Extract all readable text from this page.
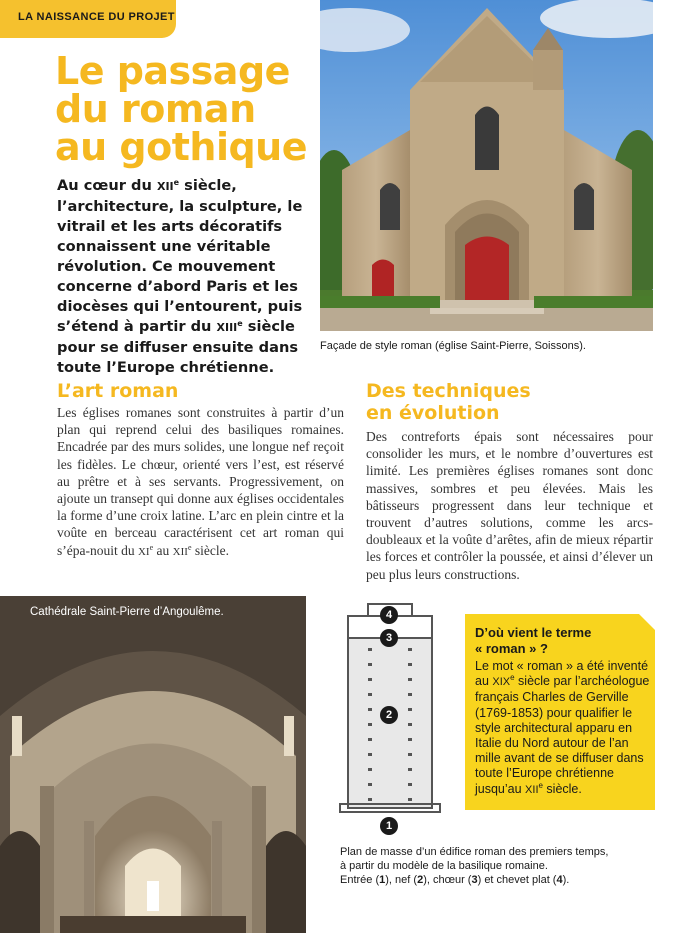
LA NAISSANCE DU PROJET
Le passage
du roman
au gothique

Au cœur du XIIe siècle, l’architecture, la sculpture, le vitrail et les arts décoratifs connaissent une véritable révolution. Ce mouvement concerne d’abord Paris et les diocèses qui l’entourent, puis s’étend à partir du XIIIe siècle pour se diffuser ensuite dans toute l’Europe chrétienne.

Façade de style roman (église Saint-Pierre, Soissons).
L’art roman

Les églises romanes sont construites à partir d’un plan qui reprend celui des basiliques romaines. Encadrée par des murs solides, une longue nef reçoit les fidèles. Le chœur, orienté vers l’est, est réservé au prêtre et à ses servants. Progressivement, on ajoute un transept qui donne aux églises occidentales la forme d’une croix latine. L’arc en plein cintre et la voûte en berceau caractérisent cet art roman qui s’épa-nouit du XIe au XIIe siècle.

Des techniques
en évolution

Des contreforts épais sont nécessaires pour consolider les murs, et le nombre d’ouvertures est limité. Les premières églises romanes sont donc massives, sombres et peu élevées. Mais les bâtisseurs progressent dans leur technique et trouvent d’autres solutions, comme les arcs-doubleaux et la voûte d’arêtes, afin de mieux répartir les forces et contrôler la poussée, et ainsi d’élever un peu plus leurs constructions.

Cathédrale Saint-Pierre d’Angoulême.	4
3
2
1
D’où vient le terme
« roman » ?

Le mot « roman » a été inventé au XIXe siècle par l’archéologue français Charles de Gerville (1769-1853) pour qualifier le style architectural apparu en Italie du Nord autour de l’an mille avant de se diffuser dans toute l’Europe chrétienne jusqu’au XIIe siècle.

Plan de masse d’un édifice roman des premiers temps,
à partir du modèle de la basilique romaine.
Entrée (1), nef (2), chœur (3) et chevet plat (4).
